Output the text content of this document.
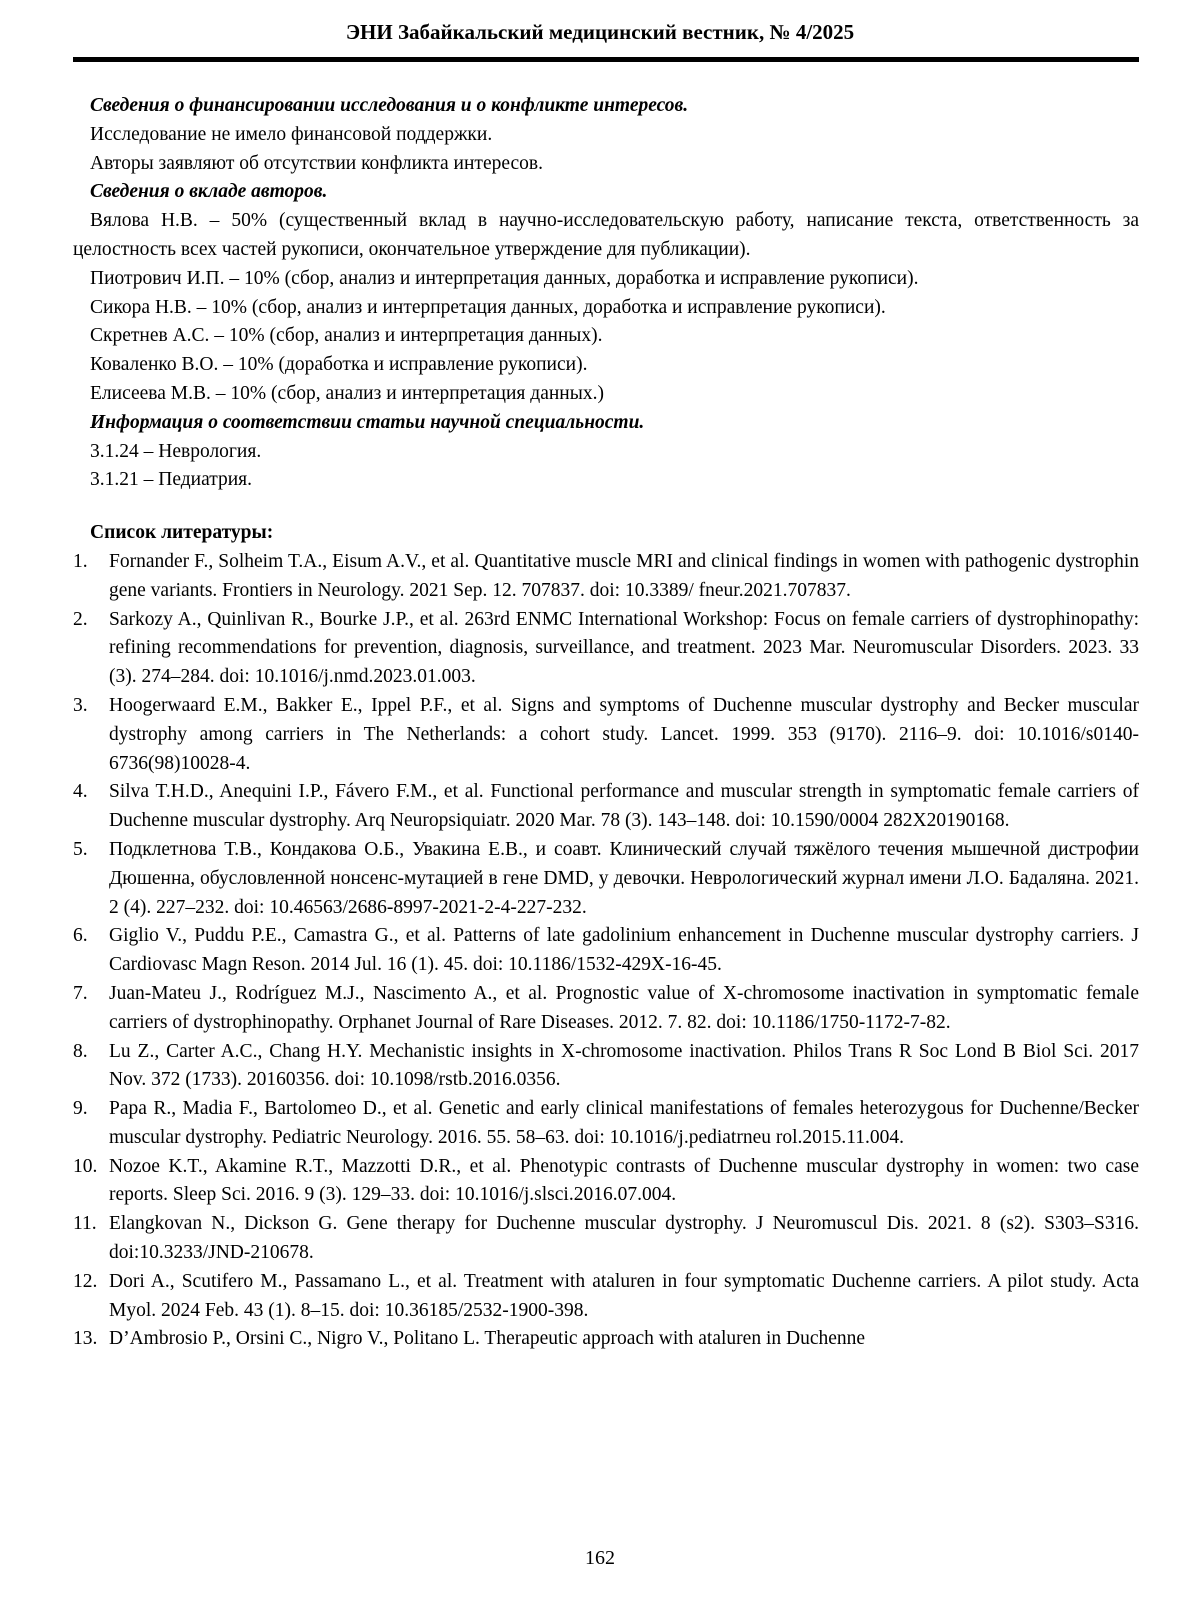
ЭНИ Забайкальский медицинский вестник, № 4/2025

Сведения о финансировании исследования и о конфликте интересов.

Исследование не имело финансовой поддержки.

Авторы заявляют об отсутствии конфликта интересов.

Сведения о вкладе авторов.

Вялова Н.В. – 50% (существенный вклад в научно-исследовательскую работу, написание текста, ответственность за целостность всех частей рукописи, окончательное утверждение для публикации).

Пиотрович И.П. – 10% (сбор, анализ и интерпретация данных, доработка и исправление рукописи).

Сикора Н.В. – 10% (сбор, анализ и интерпретация данных, доработка и исправление рукописи).

Скретнев А.С. – 10% (сбор, анализ и интерпретация данных).

Коваленко В.О. – 10% (доработка и исправление рукописи).

Елисеева М.В. – 10% (сбор, анализ и интерпретация данных.)

Информация о соответствии статьи научной специальности.

3.1.24 – Неврология.

3.1.21 – Педиатрия.

Список литературы:

1. Fornander F., Solheim T.A., Eisum A.V., et al. Quantitative muscle MRI and clinical findings in women with pathogenic dystrophin gene variants. Frontiers in Neurology. 2021 Sep. 12. 707837. doi: 10.3389/ fneur.2021.707837.
2. Sarkozy A., Quinlivan R., Bourke J.P., et al. 263rd ENMC International Workshop: Focus on female carriers of dystrophinopathy: refining recommendations for prevention, diagnosis, surveillance, and treatment. 2023 Mar. Neuromuscular Disorders. 2023. 33 (3). 274–284. doi: 10.1016/j.nmd.2023.01.003.
3. Hoogerwaard E.M., Bakker E., Ippel P.F., et al. Signs and symptoms of Duchenne muscular dystrophy and Becker muscular dystrophy among carriers in The Netherlands: a cohort study. Lancet. 1999. 353 (9170). 2116–9. doi: 10.1016/s0140-6736(98)10028-4.
4. Silva T.H.D., Anequini I.P., Fávero F.M., et al. Functional performance and muscular strength in symptomatic female carriers of Duchenne muscular dystrophy. Arq Neuropsiquiatr. 2020 Mar. 78 (3). 143–148. doi: 10.1590/0004 282X20190168.
5. Подклетнова Т.В., Кондакова О.Б., Увакина Е.В., и соавт. Клинический случай тяжёлого течения мышечной дистрофии Дюшенна, обусловленной нонсенс-мутацией в гене DMD, у девочки. Неврологический журнал имени Л.О. Бадаляна. 2021. 2 (4). 227–232. doi: 10.46563/2686-8997-2021-2-4-227-232.
6. Giglio V., Puddu P.E., Camastra G., et al. Patterns of late gadolinium enhancement in Duchenne muscular dystrophy carriers. J Cardiovasc Magn Reson. 2014 Jul. 16 (1). 45. doi: 10.1186/1532-429X-16-45.
7. Juan-Mateu J., Rodríguez M.J., Nascimento A., et al. Prognostic value of X-chromosome inactivation in symptomatic female carriers of dystrophinopathy. Orphanet Journal of Rare Diseases. 2012. 7. 82. doi: 10.1186/1750-1172-7-82.
8. Lu Z., Carter A.C., Chang H.Y. Mechanistic insights in X-chromosome inactivation. Philos Trans R Soc Lond B Biol Sci. 2017 Nov. 372 (1733). 20160356. doi: 10.1098/rstb.2016.0356.
9. Papa R., Madia F., Bartolomeo D., et al. Genetic and early clinical manifestations of females heterozygous for Duchenne/Becker muscular dystrophy. Pediatric Neurology. 2016. 55. 58–63. doi: 10.1016/j.pediatrneu rol.2015.11.004.
10. Nozoe K.T., Akamine R.T., Mazzotti D.R., et al. Phenotypic contrasts of Duchenne muscular dystrophy in women: two case reports. Sleep Sci. 2016. 9 (3). 129–33. doi: 10.1016/j.slsci.2016.07.004.
11. Elangkovan N., Dickson G. Gene therapy for Duchenne muscular dystrophy. J Neuromuscul Dis. 2021. 8 (s2). S303–S316. doi:10.3233/JND-210678.
12. Dori A., Scutifero M., Passamano L., et al. Treatment with ataluren in four symptomatic Duchenne carriers. A pilot study. Acta Myol. 2024 Feb. 43 (1). 8–15. doi: 10.36185/2532-1900-398.
13. D’Ambrosio P., Orsini C., Nigro V., Politano L. Therapeutic approach with ataluren in Duchenne
162
